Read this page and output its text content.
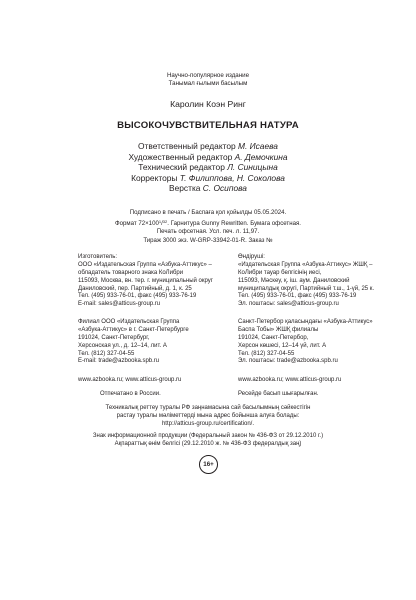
Научно-популярное издание
Танымал ғылыми басылым
Каролин Коэн Ринг
ВЫСОКОЧУВСТВИТЕЛЬНАЯ НАТУРА
Ответственный редактор М. Исаева
Художественный редактор А. Демочкина
Технический редактор Л. Синицына
Корректоры Т. Филиппова, Н. Соколова
Верстка С. Осипова
Подписано в печать / Баспаға қол қойылды 05.05.2024.
Формат $72\times 100^1/^{32}$. Гарнитура Gunny Rewritten. Бумага офсетная.
Печать офсетная. Усл. печ. л. 11,97.
Тираж 3000 экз. W-GRP-33942-01-R. Заказ №
Изготовитель:
ООО «Издательская Группа «Азбука-Аттикус» –
обладатель товарного знака КоЛибри
115093, Москва, вн. тер. г. муниципальный округ
Даниловский, пер. Партийный, д. 1, к. 25
Тел. (495) 933-76-01, факс (495) 933-76-19
E-mail: sales@atticus-group.ru
Өндіруші:
«Издательская Группа «Азбука-Аттикус» ЖШҚ –
КоЛибри тауар белгісінің иесі,
115093, Мәскеу, қ. іш. аум. Даниловский
муниципалдық округі, Партийный т.ш., 1-үй, 25 к.
Тел. (495) 933-76-01, факс (495) 933-76-19
Эл. поштасы: sales@atticus-group.ru
Филиал ООО «Издательская Группа
«Азбука-Аттикус» в г. Санкт-Петербурге
191024, Санкт-Петербург,
Херсонская ул., д. 12–14, лит. А
Тел. (812) 327-04-55
E-mail: trade@azbooka.spb.ru
Санкт-Петербор қаласындағы «Азбука-Аттикус»
Баспа Тобы» ЖШҚ филиалы
191024, Санкт-Петербор,
Херсон көшесі, 12–14 үй, лит. А
Тел. (812) 327-04-55
Эл. поштасы: trade@azbooka.spb.ru
www.azbooka.ru; www.atticus-group.ru	www.azbooka.ru; www.atticus-group.ru
Отпечатано в России.	Ресейде басып шығарылған.
Техникалық реттеу туралы РФ заңнамасына сай басылымның сәйкестігін
растау туралы мәліметтерді мына адрес бойынша алуға болады:
http://atticus-group.ru/certification/.
Знак информационной продукции (Федеральный закон № 436-ФЗ от 29.12.2010 г.)
Ақпараттық өнім белгісі (29.12.2010 ж. № 436-ФЗ федералдық заң)
16+
